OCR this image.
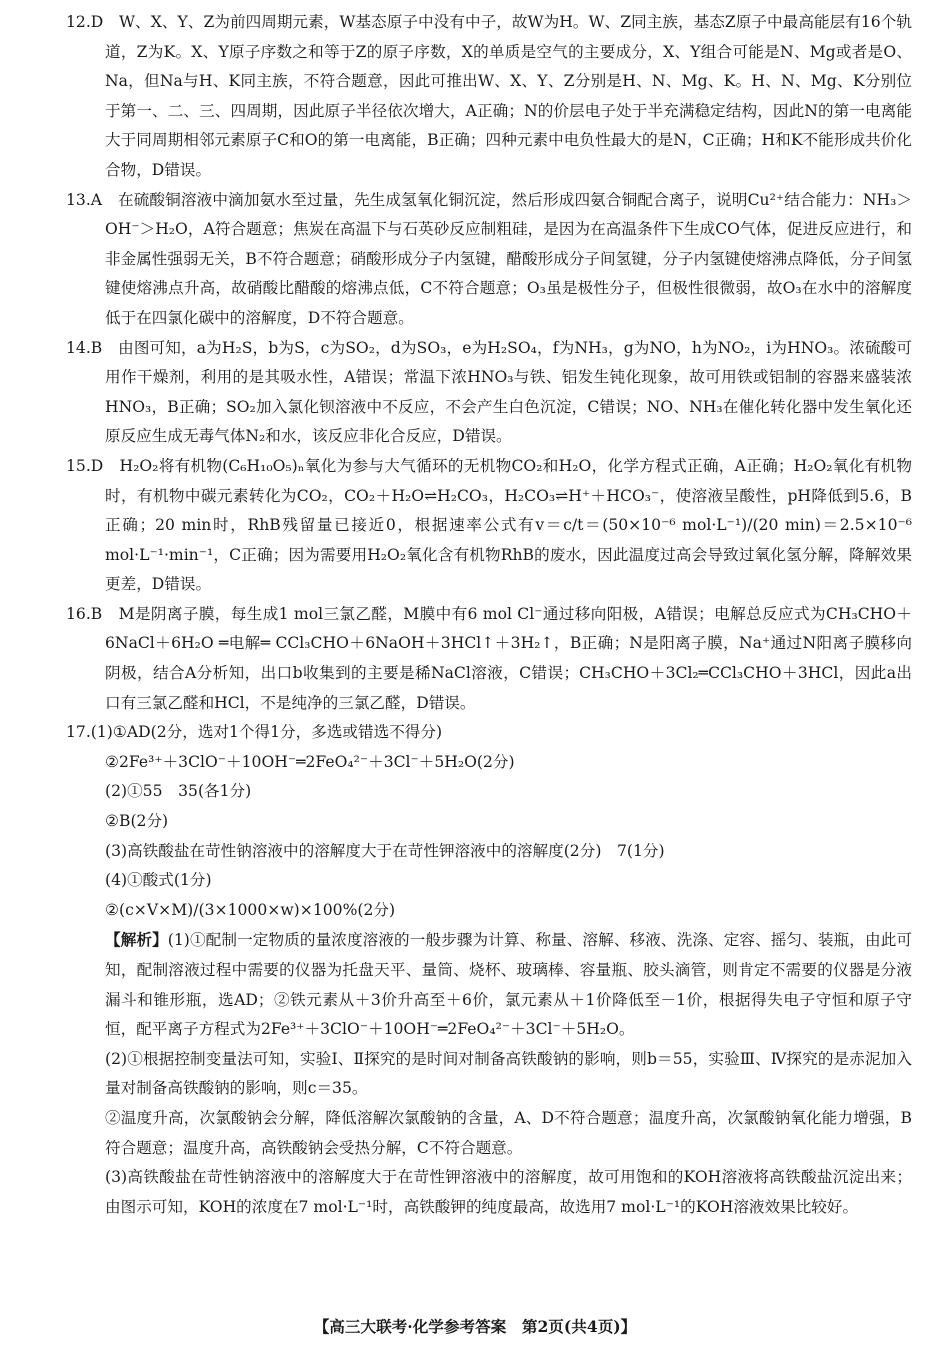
12.D　W、X、Y、Z为前四周期元素，W基态原子中没有中子，故W为H。W、Z同主族，基态Z原子中最高能层有16个轨道，Z为K。X、Y原子序数之和等于Z的原子序数，X的单质是空气的主要成分，X、Y组合可能是N、Mg或者是O、Na，但Na与H、K同主族，不符合题意，因此可推出W、X、Y、Z分别是H、N、Mg、K。H、N、Mg、K分别位于第一、二、三、四周期，因此原子半径依次增大，A正确；N的价层电子处于半充满稳定结构，因此N的第一电离能大于同周期相邻元素原子C和O的第一电离能，B正确；四种元素中电负性最大的是N，C正确；H和K不能形成共价化合物，D错误。

13.A　在硫酸铜溶液中滴加氨水至过量，先生成氢氧化铜沉淀，然后形成四氨合铜配合离子，说明Cu²⁺结合能力：NH₃＞OH⁻＞H₂O，A符合题意；焦炭在高温下与石英砂反应制粗硅，是因为在高温条件下生成CO气体，促进反应进行，和非金属性强弱无关，B不符合题意；硝酸形成分子内氢键，醋酸形成分子间氢键，分子内氢键使熔沸点降低，分子间氢键使熔沸点升高，故硝酸比醋酸的熔沸点低，C不符合题意；O₃虽是极性分子，但极性很微弱，故O₃在水中的溶解度低于在四氯化碳中的溶解度，D不符合题意。

14.B　由图可知，a为H₂S，b为S，c为SO₂，d为SO₃，e为H₂SO₄，f为NH₃，g为NO，h为NO₂，i为HNO₃。浓硫酸可用作干燥剂，利用的是其吸水性，A错误；常温下浓HNO₃与铁、铝发生钝化现象，故可用铁或铝制的容器来盛装浓HNO₃，B正确；SO₂加入氯化钡溶液中不反应，不会产生白色沉淀，C错误；NO、NH₃在催化转化器中发生氧化还原反应生成无毒气体N₂和水，该反应非化合反应，D错误。

15.D　H₂O₂将有机物(C₆H₁₀O₅)ₙ氧化为参与大气循环的无机物CO₂和H₂O，化学方程式正确，A正确；H₂O₂氧化有机物时，有机物中碳元素转化为CO₂，CO₂＋H₂O⇌H₂CO₃，H₂CO₃⇌H⁺＋HCO₃⁻，使溶液呈酸性，pH降低到5.6，B正确；20 min时，RhB残留量已接近0，根据速率公式有v＝c/t＝(50×10⁻⁶ mol·L⁻¹)/(20 min)＝2.5×10⁻⁶ mol·L⁻¹·min⁻¹，C正确；因为需要用H₂O₂氧化含有机物RhB的废水，因此温度过高会导致过氧化氢分解，降解效果更差，D错误。

16.B　M是阴离子膜，每生成1 mol三氯乙醛，M膜中有6 mol Cl⁻通过移向阳极，A错误；电解总反应式为CH₃CHO＋6NaCl＋6H₂O ═电解═ CCl₃CHO＋6NaOH＋3HCl↑＋3H₂↑，B正确；N是阳离子膜，Na⁺通过N阳离子膜移向阴极，结合A分析知，出口b收集到的主要是稀NaCl溶液，C错误；CH₃CHO＋3Cl₂═CCl₃CHO＋3HCl，因此a出口有三氯乙醛和HCl，不是纯净的三氯乙醛，D错误。

17.(1)①AD(2分，选对1个得1分，多选或错选不得分)

②2Fe³⁺＋3ClO⁻＋10OH⁻═2FeO₄²⁻＋3Cl⁻＋5H₂O(2分)

(2)①55　35(各1分)

②B(2分)

(3)高铁酸盐在苛性钠溶液中的溶解度大于在苛性钾溶液中的溶解度(2分)　7(1分)

(4)①酸式(1分)

②(c×V×M)/(3×1000×w)×100%(2分)

【解析】(1)①配制一定物质的量浓度溶液的一般步骤为计算、称量、溶解、移液、洗涤、定容、摇匀、装瓶，由此可知，配制溶液过程中需要的仪器为托盘天平、量筒、烧杯、玻璃棒、容量瓶、胶头滴管，则肯定不需要的仪器是分液漏斗和锥形瓶，选AD；②铁元素从＋3价升高至＋6价，氯元素从＋1价降低至－1价，根据得失电子守恒和原子守恒，配平离子方程式为2Fe³⁺＋3ClO⁻＋10OH⁻═2FeO₄²⁻＋3Cl⁻＋5H₂O。

(2)①根据控制变量法可知，实验Ⅰ、Ⅱ探究的是时间对制备高铁酸钠的影响，则b＝55，实验Ⅲ、Ⅳ探究的是赤泥加入量对制备高铁酸钠的影响，则c＝35。

②温度升高，次氯酸钠会分解，降低溶解次氯酸钠的含量，A、D不符合题意；温度升高，次氯酸钠氧化能力增强，B符合题意；温度升高，高铁酸钠会受热分解，C不符合题意。

(3)高铁酸盐在苛性钠溶液中的溶解度大于在苛性钾溶液中的溶解度，故可用饱和的KOH溶液将高铁酸盐沉淀出来；由图示可知，KOH的浓度在7 mol·L⁻¹时，高铁酸钾的纯度最高，故选用7 mol·L⁻¹的KOH溶液效果比较好。

【高三大联考·化学参考答案　第2页(共4页)】
